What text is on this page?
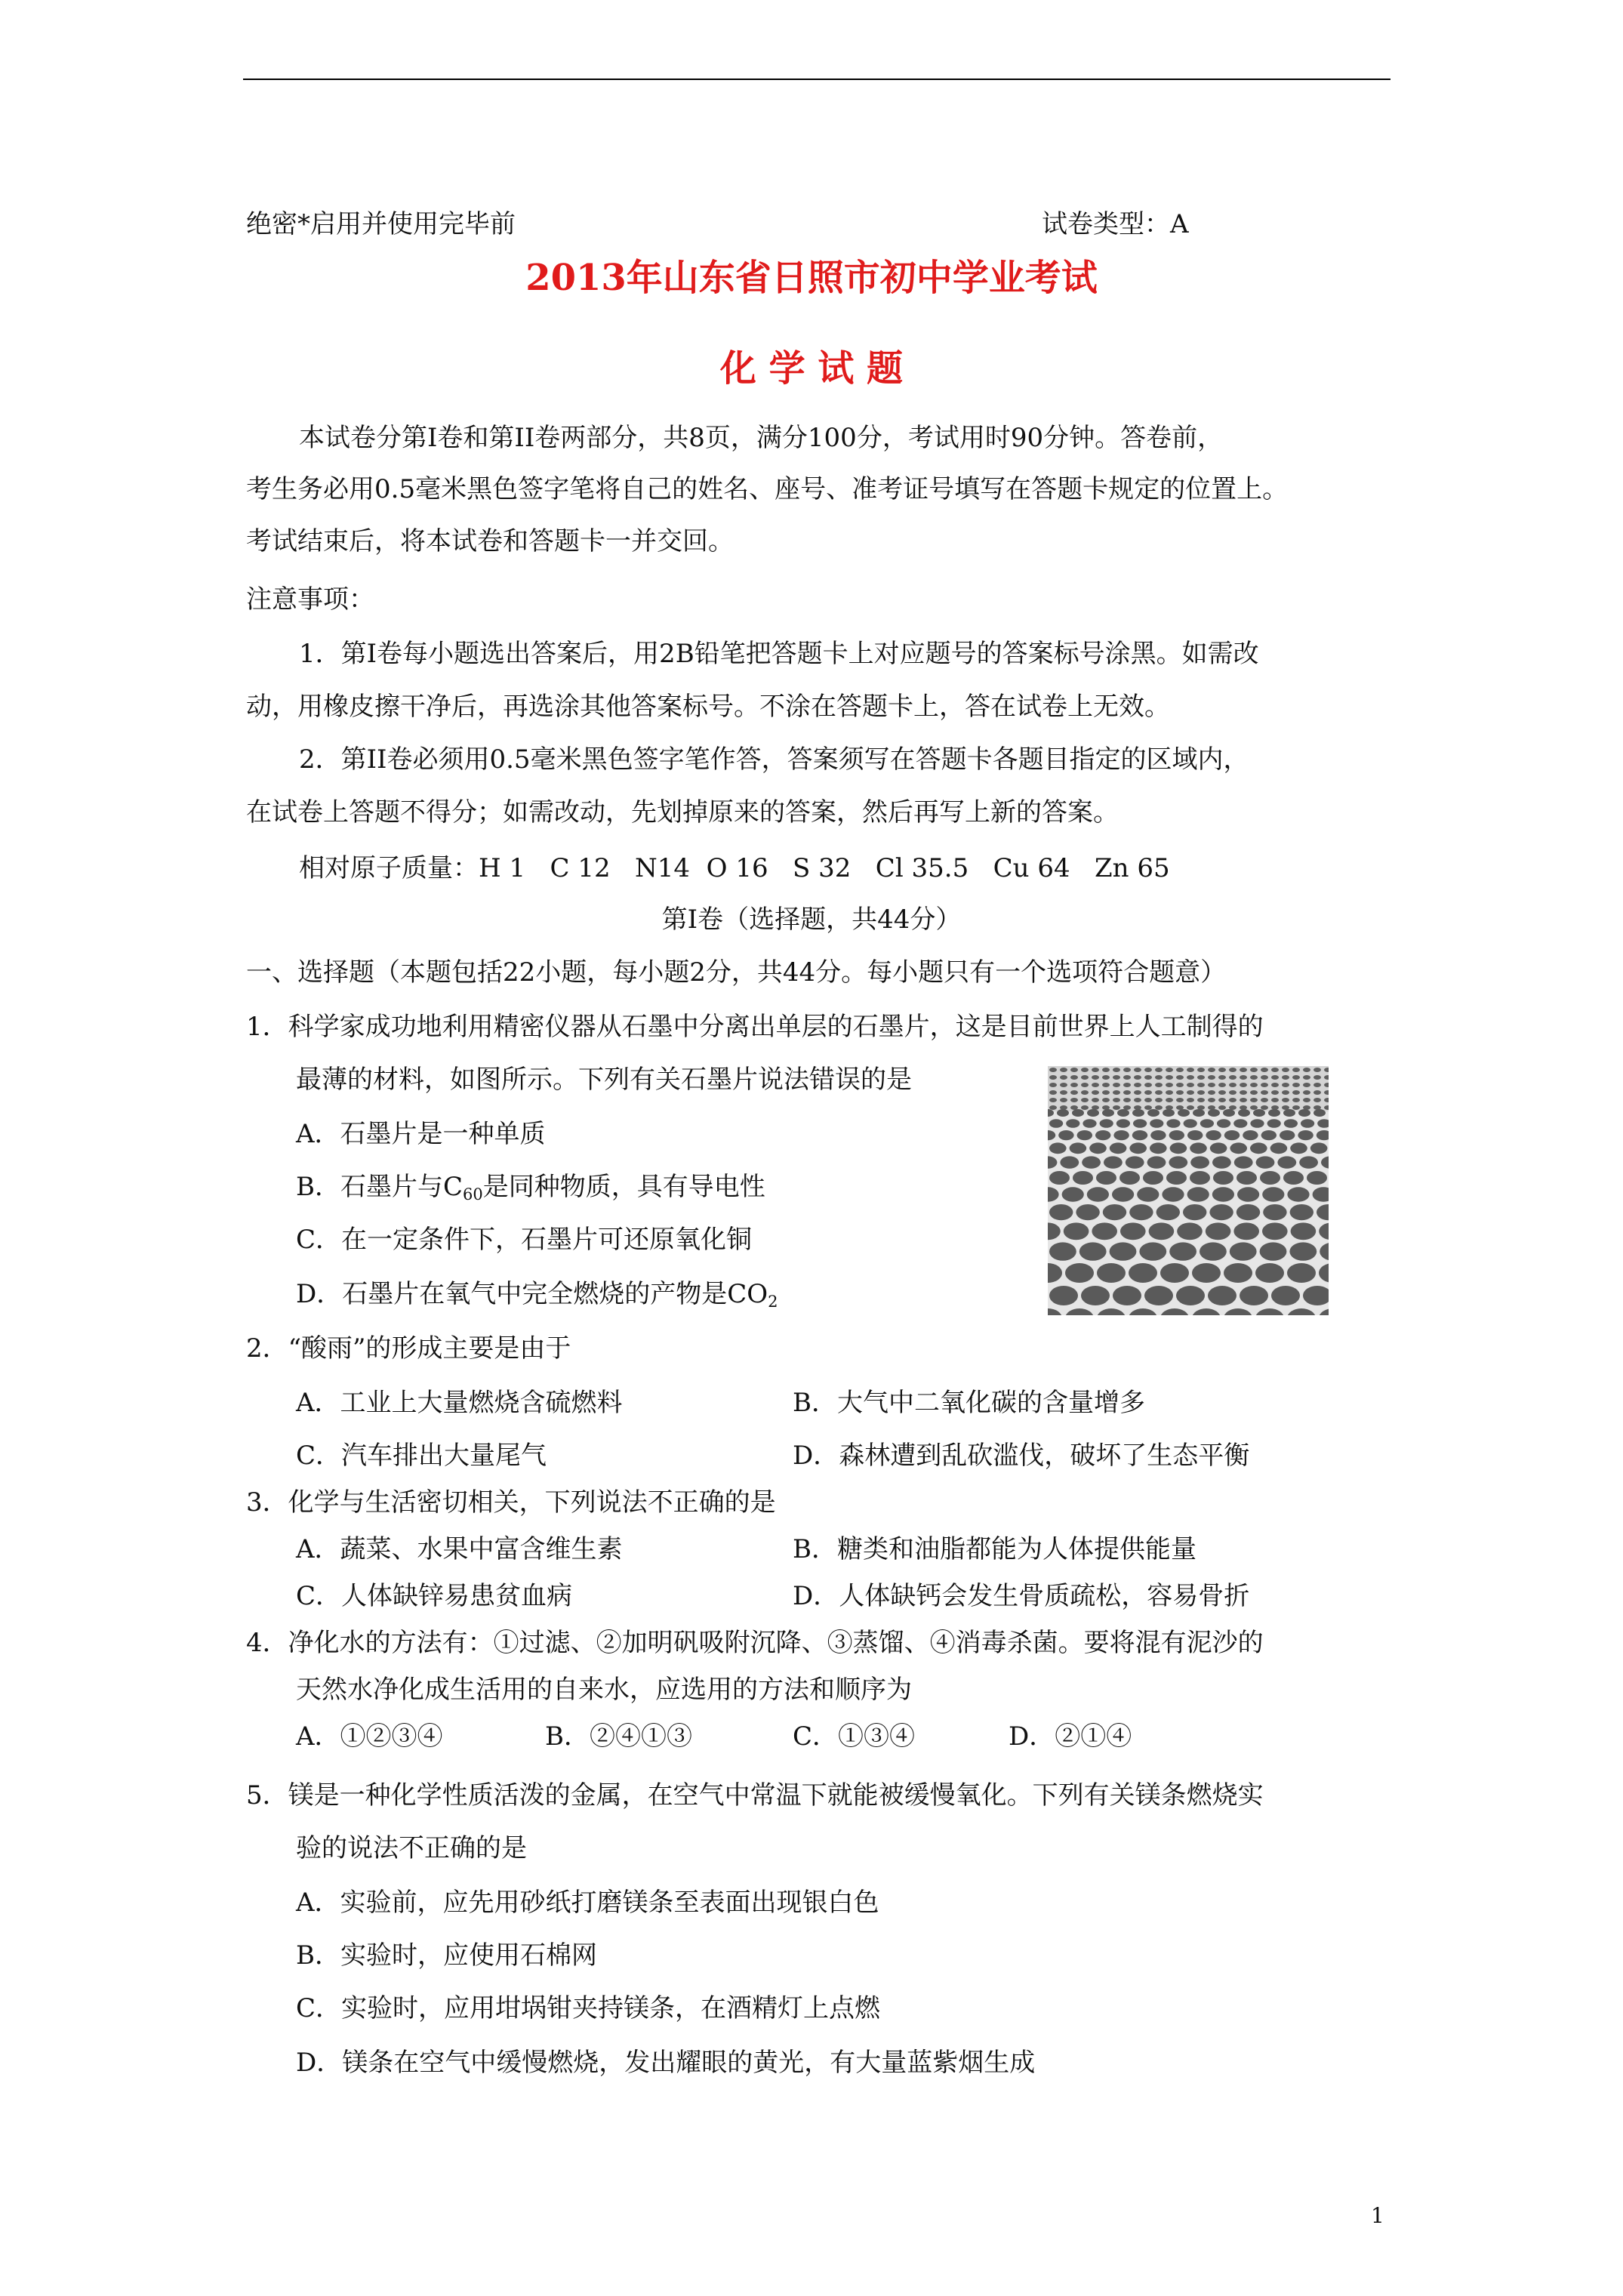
绝密*启用并使用完毕前	试卷类型：A
2013年山东省日照市初中学业考试
化 学 试 题
本试卷分第Ⅰ卷和第II卷两部分，共8页，满分100分，考试用时90分钟。答卷前，
考生务必用0.5毫米黑色签字笔将自己的姓名、座号、准考证号填写在答题卡规定的位置上。
考试结束后，将本试卷和答题卡一并交回。
注意事项：
1．第Ⅰ卷每小题选出答案后，用2B铅笔把答题卡上对应题号的答案标号涂黑。如需改
动，用橡皮擦干净后，再选涂其他答案标号。不涂在答题卡上，答在试卷上无效。
2．第II卷必须用0.5毫米黑色签字笔作答，答案须写在答题卡各题目指定的区域内，
在试卷上答题不得分；如需改动，先划掉原来的答案，然后再写上新的答案。
相对原子质量：H 1   C 12   N14  O 16   S 32   Cl 35.5   Cu 64   Zn 65
第Ⅰ卷（选择题，共44分）
一、选择题（本题包括22小题，每小题2分，共44分。每小题只有一个选项符合题意）
1．科学家成功地利用精密仪器从石墨中分离出单层的石墨片，这是目前世界上人工制得的
最薄的材料，如图所示。下列有关石墨片说法错误的是
A．石墨片是一种单质
B．石墨片与$C_{60}$是同种物质，具有导电性
C．在一定条件下，石墨片可还原氧化铜
D．石墨片在氧气中完全燃烧的产物是$CO_2$
2．“酸雨”的形成主要是由于
A．工业上大量燃烧含硫燃料	B．大气中二氧化碳的含量增多
C．汽车排出大量尾气	D．森林遭到乱砍滥伐，破坏了生态平衡
3．化学与生活密切相关，下列说法不正确的是
A．蔬菜、水果中富含维生素	B．糖类和油脂都能为人体提供能量
C．人体缺锌易患贫血病	D．人体缺钙会发生骨质疏松，容易骨折
4．净化水的方法有：①过滤、②加明矾吸附沉降、③蒸馏、④消毒杀菌。要将混有泥沙的
天然水净化成生活用的自来水，应选用的方法和顺序为
A．①②③④	B．②④①③	C．①③④	D．②①④
5．镁是一种化学性质活泼的金属，在空气中常温下就能被缓慢氧化。下列有关镁条燃烧实
验的说法不正确的是
A．实验前，应先用砂纸打磨镁条至表面出现银白色
B．实验时，应使用石棉网
C．实验时，应用坩埚钳夹持镁条，在酒精灯上点燃
D．镁条在空气中缓慢燃烧，发出耀眼的黄光，有大量蓝紫烟生成
1
